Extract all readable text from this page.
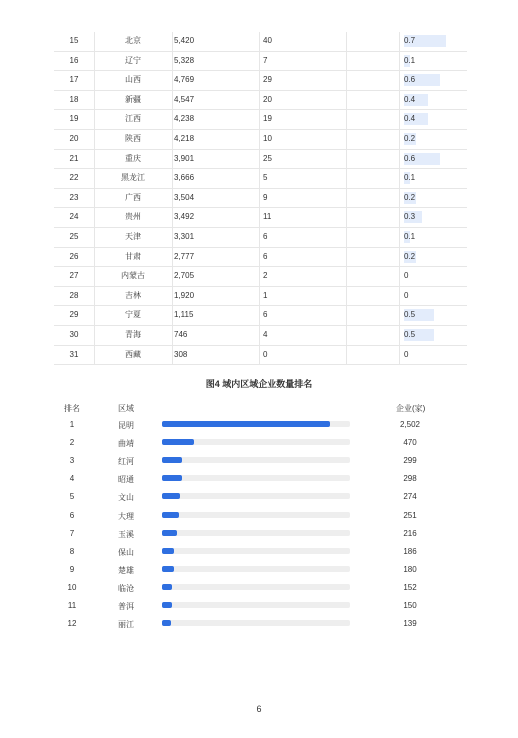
15	北京	5,420	40	0.7
16	辽宁	5,328	7	0.1
17	山西	4,769	29	0.6
18	新疆	4,547	20	0.4
19	江西	4,238	19	0.4
20	陕西	4,218	10	0.2
21	重庆	3,901	25	0.6
22	黑龙江	3,666	5	0.1
23	广西	3,504	9	0.2
24	贵州	3,492	11	0.3
25	天津	3,301	6	0.1
26	甘肃	2,777	6	0.2
27	内蒙古	2,705	2	0
28	吉林	1,920	1	0
29	宁夏	1,115	6	0.5
30	青海	746	4	0.5
31	西藏	308	0	0
图4 域内区域企业数量排名
排名	区域	企业(家)
1	昆明	2,502
2	曲靖	470
3	红河	299
4	昭通	298
5	文山	274
6	大理	251
7	玉溪	216
8	保山	186
9	楚雄	180
10	临沧	152
11	普洱	150
12	丽江	139
6
